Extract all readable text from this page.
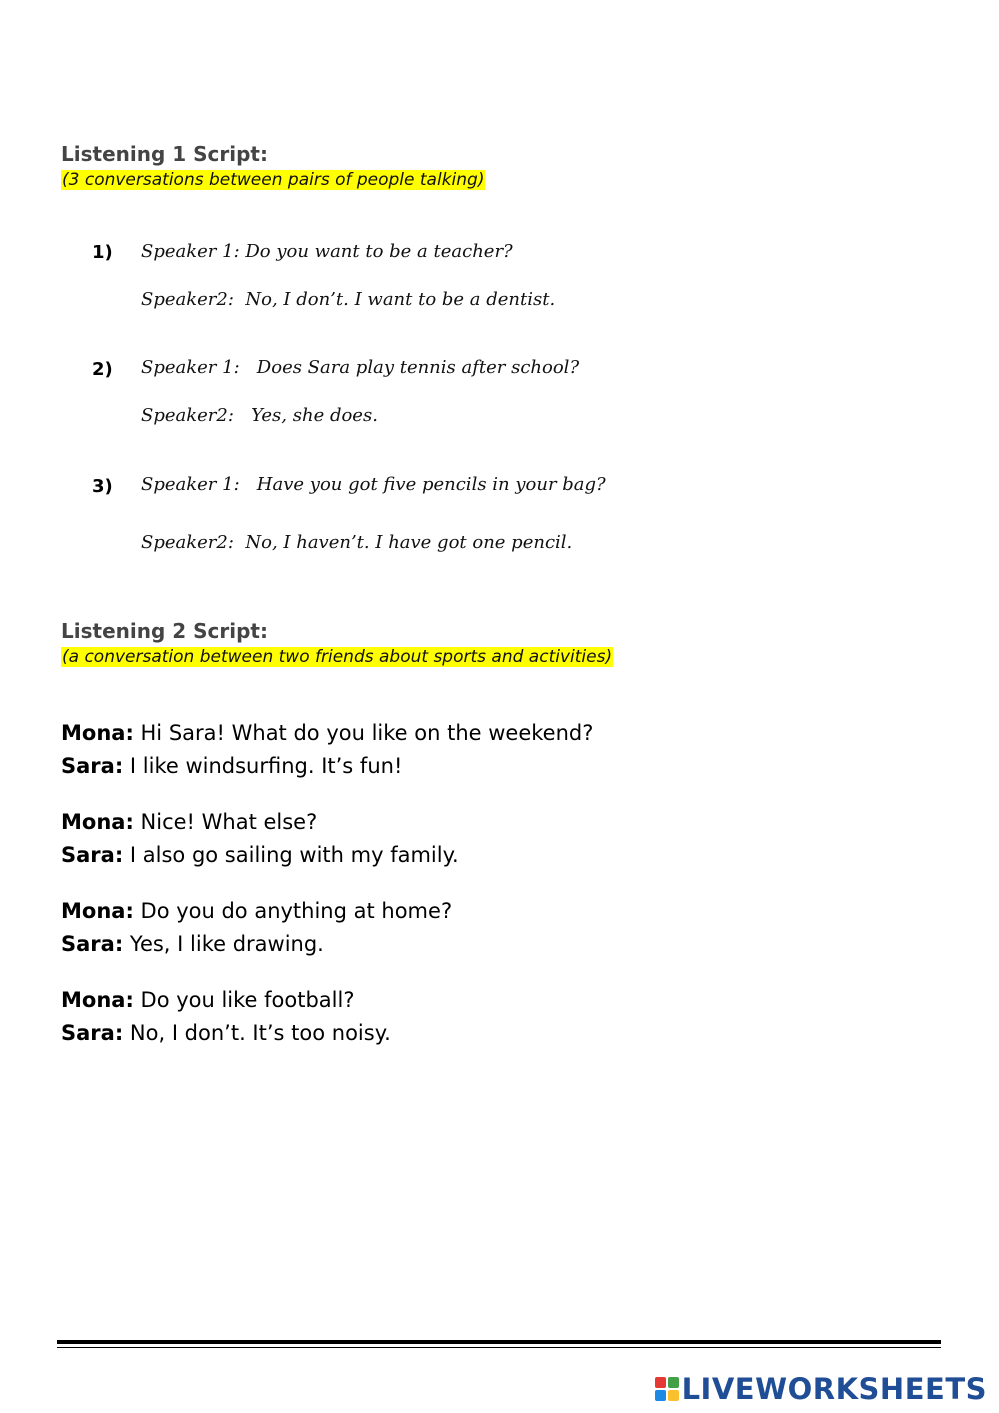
Listening 1 Script:
(3 conversations between pairs of people talking)
1) Speaker 1: Do you want to be a teacher?
Speaker2:  No, I don’t. I want to be a dentist.
2) Speaker 1:   Does Sara play tennis after school?
Speaker2:   Yes, she does.
3) Speaker 1:   Have you got five pencils in your bag?
Speaker2:  No, I haven’t. I have got one pencil.
Listening 2 Script:
(a conversation between two friends about sports and activities)
Mona: Hi Sara! What do you like on the weekend?
Sara: I like windsurfing. It’s fun!
Mona: Nice! What else?
Sara: I also go sailing with my family.
Mona: Do you do anything at home?
Sara: Yes, I like drawing.
Mona: Do you like football?
Sara: No, I don’t. It’s too noisy.
LIVEWORKSHEETS
